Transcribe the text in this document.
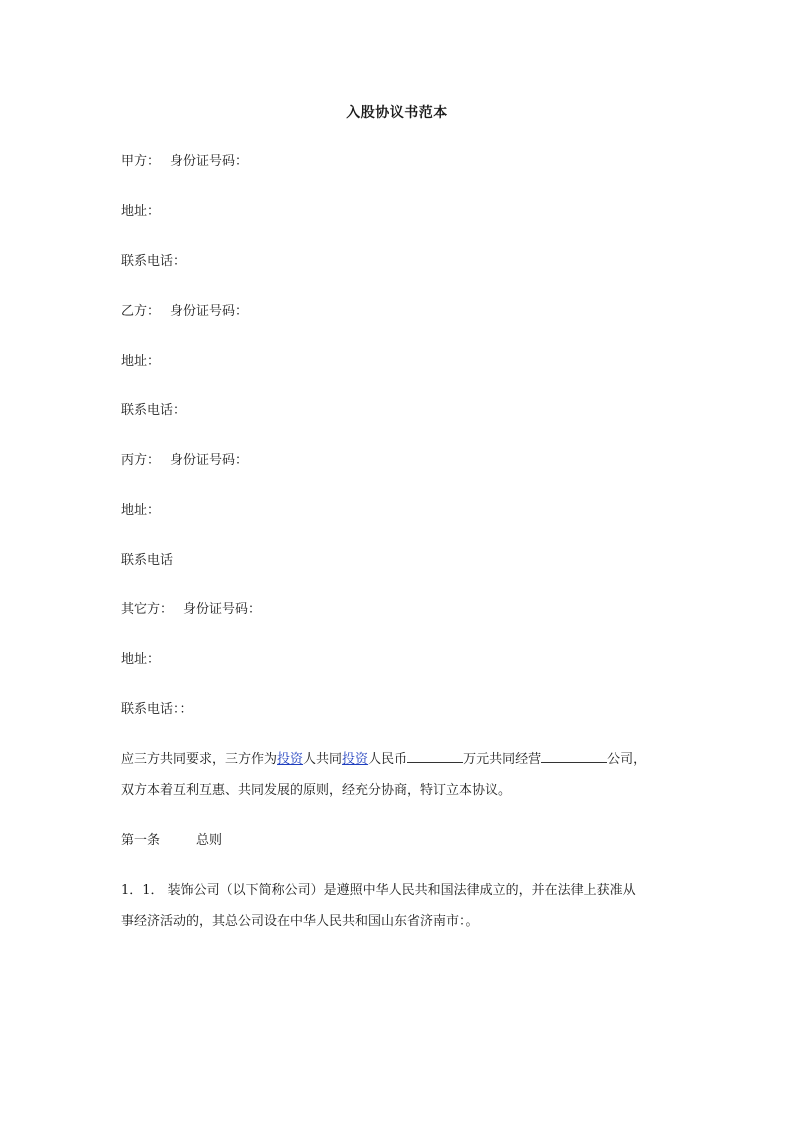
入股协议书范本
甲方： 身份证号码：
地址：
联系电话：
乙方： 身份证号码：
地址：
联系电话：
丙方： 身份证号码：
地址：
联系电话
其它方： 身份证号码：
地址：
联系电话：：
应三方共同要求，三方作为投资人共同投资人民币	万元共同经营	公司，
双方本着互利互惠、共同发展的原则，经充分协商，特订立本协议。
第一条	总则
1．1． 装饰公司（以下简称公司）是遵照中华人民共和国法律成立的，并在法律上获准从
事经济活动的，其总公司设在中华人民共和国山东省济南市：。
